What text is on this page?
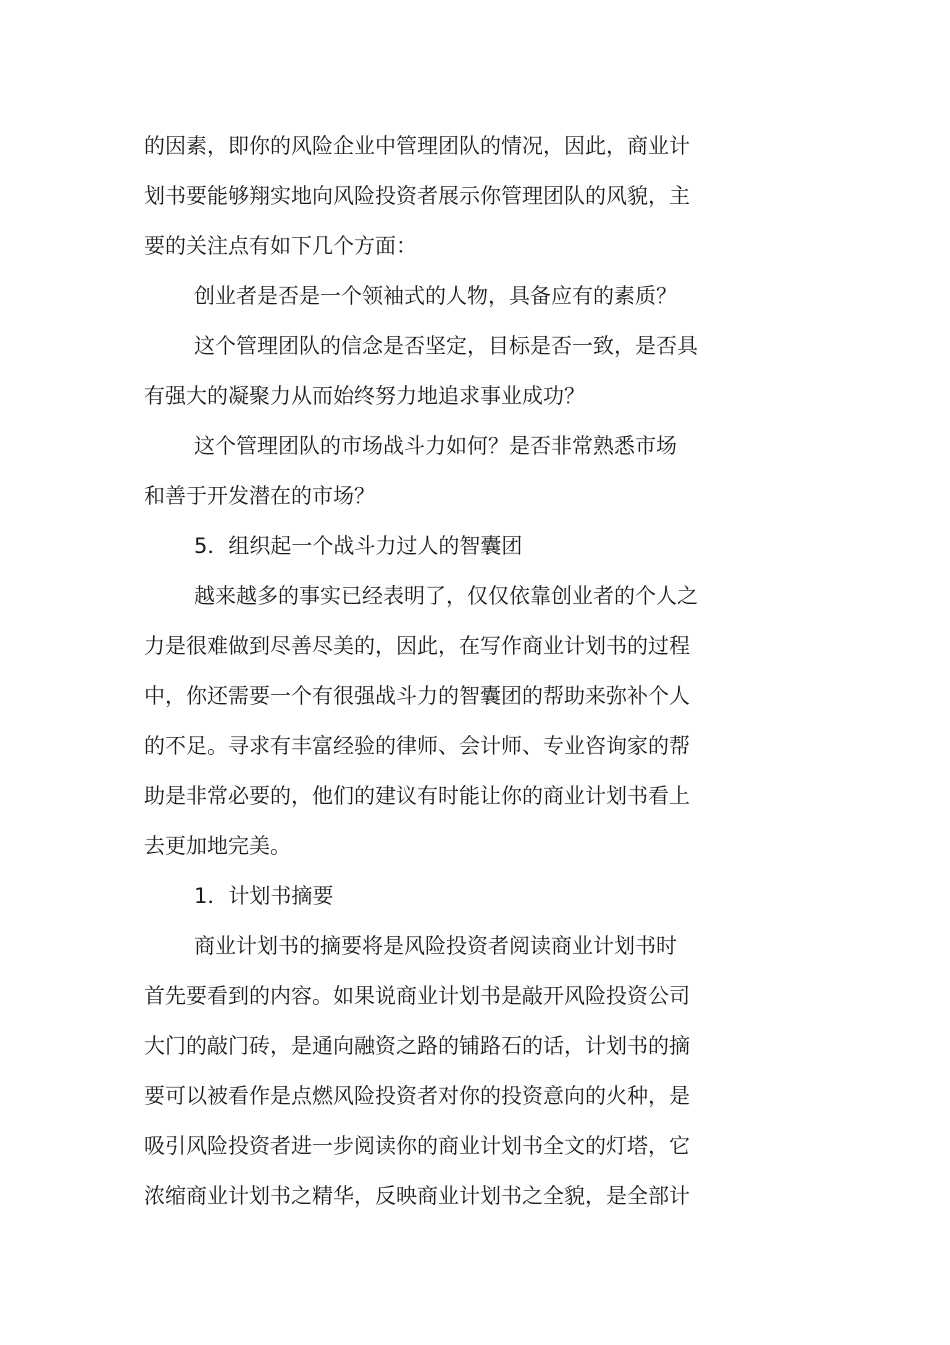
的因素，即你的风险企业中管理团队的情况，因此，商业计
划书要能够翔实地向风险投资者展示你管理团队的风貌，主
要的关注点有如下几个方面：
创业者是否是一个领袖式的人物，具备应有的素质？
这个管理团队的信念是否坚定，目标是否一致，是否具
有强大的凝聚力从而始终努力地追求事业成功？
这个管理团队的市场战斗力如何？是否非常熟悉市场
和善于开发潜在的市场？
5．组织起一个战斗力过人的智囊团
越来越多的事实已经表明了，仅仅依靠创业者的个人之
力是很难做到尽善尽美的，因此，在写作商业计划书的过程
中，你还需要一个有很强战斗力的智囊团的帮助来弥补个人
的不足。寻求有丰富经验的律师、会计师、专业咨询家的帮
助是非常必要的，他们的建议有时能让你的商业计划书看上
去更加地完美。
1．计划书摘要
商业计划书的摘要将是风险投资者阅读商业计划书时
首先要看到的内容。如果说商业计划书是敲开风险投资公司
大门的敲门砖，是通向融资之路的铺路石的话，计划书的摘
要可以被看作是点燃风险投资者对你的投资意向的火种，是
吸引风险投资者进一步阅读你的商业计划书全文的灯塔，它
浓缩商业计划书之精华，反映商业计划书之全貌，是全部计
